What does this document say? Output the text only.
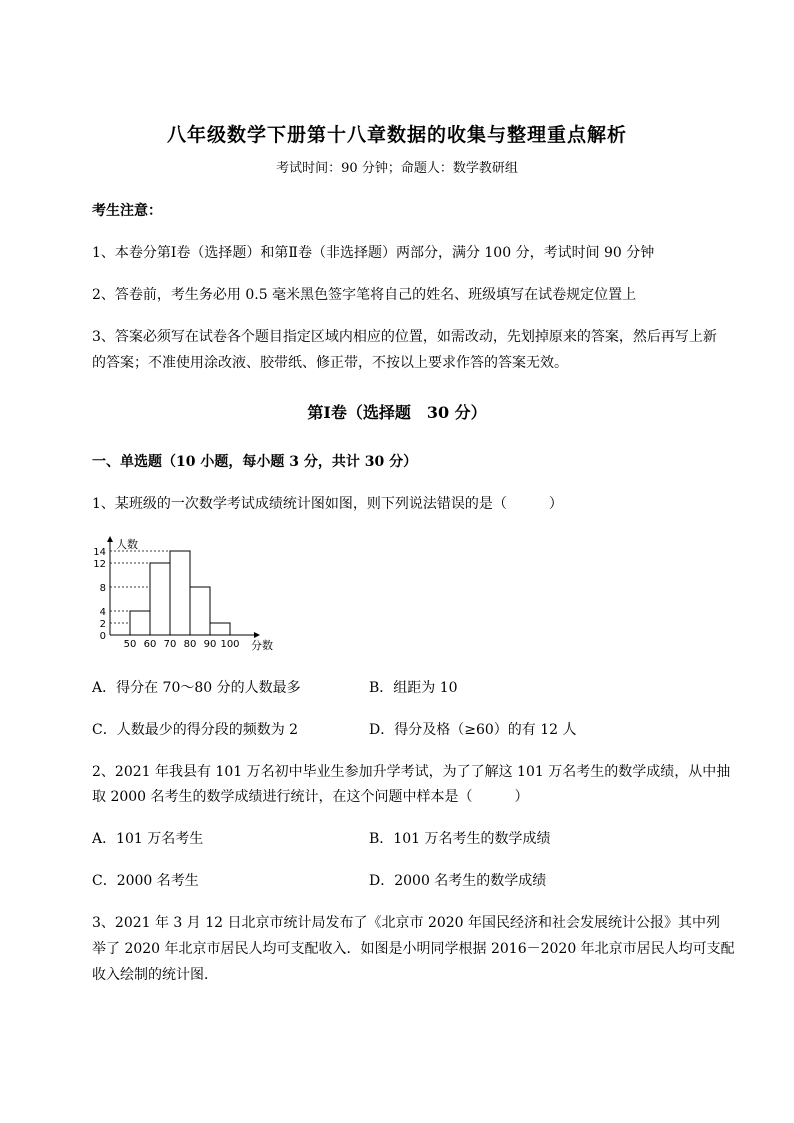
八年级数学下册第十八章数据的收集与整理重点解析
考试时间：90 分钟；命题人：数学教研组
考生注意：
1、本卷分第Ⅰ卷（选择题）和第Ⅱ卷（非选择题）两部分，满分 100 分，考试时间 90 分钟
2、答卷前，考生务必用 0.5 毫米黑色签字笔将自己的姓名、班级填写在试卷规定位置上
3、答案必须写在试卷各个题目指定区域内相应的位置，如需改动，先划掉原来的答案，然后再写上新
的答案；不准使用涂改液、胶带纸、修正带，不按以上要求作答的答案无效。
第Ⅰ卷（选择题　30 分）
一、单选题（10 小题，每小题 3 分，共计 30 分）
1、某班级的一次数学考试成绩统计图如图，则下列说法错误的是（　　　）
14
12
8
4
2
0
50 60 70 80 90 100
人数
分数
A．得分在 70～80 分的人数最多	B．组距为 10
C．人数最少的得分段的频数为 2	D．得分及格（≥60）的有 12 人
2、2021 年我县有 101 万名初中毕业生参加升学考试，为了了解这 101 万名考生的数学成绩，从中抽
取 2000 名考生的数学成绩进行统计，在这个问题中样本是（　　　）
A．101 万名考生	B．101 万名考生的数学成绩
C．2000 名考生	D．2000 名考生的数学成绩
3、2021 年 3 月 12 日北京市统计局发布了《北京市 2020 年国民经济和社会发展统计公报》其中列
举了 2020 年北京市居民人均可支配收入．如图是小明同学根据 2016－2020 年北京市居民人均可支配
收入绘制的统计图．
